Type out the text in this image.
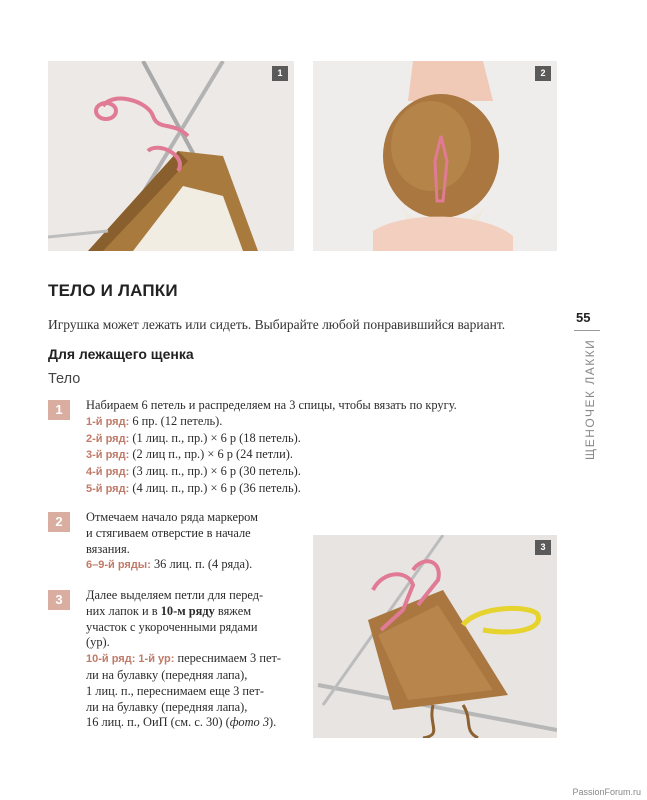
1	2
3
ТЕЛО И ЛАПКИ
Игрушка может лежать или сидеть. Выбирайте любой понравившийся вариант.
Для лежащего щенка
Тело
1	Набираем 6 петель и распределяем на 3 спицы, чтобы вязать по кругу.
1-й ряд: 6 пр. (12 петель).
2-й ряд: (1 лиц. п., пр.) × 6 р (18 петель).
3-й ряд: (2 лиц п., пр.) × 6 р (24 петли).
4-й ряд: (3 лиц. п., пр.) × 6 р (30 петель).
5-й ряд: (4 лиц. п., пр.) × 6 р (36 петель).
2	Отмечаем начало ряда маркером
и стягиваем отверстие в начале
вязания.
6–9-й ряды: 36 лиц. п. (4 ряда).
3	Далее выделяем петли для перед-
них лапок и в 10-м ряду вяжем
участок с укороченными рядами
(ур).
10-й ряд: 1-й ур: переснимаем 3 пет-
ли на булавку (передняя лапа),
1 лиц. п., переснимаем еще 3 пет-
ли на булавку (передняя лапа),
16 лиц. п., ОиП (см. с. 30) (фото 3).
55
ЩЕНОЧЕК ЛАККИ
PassionForum.ru
